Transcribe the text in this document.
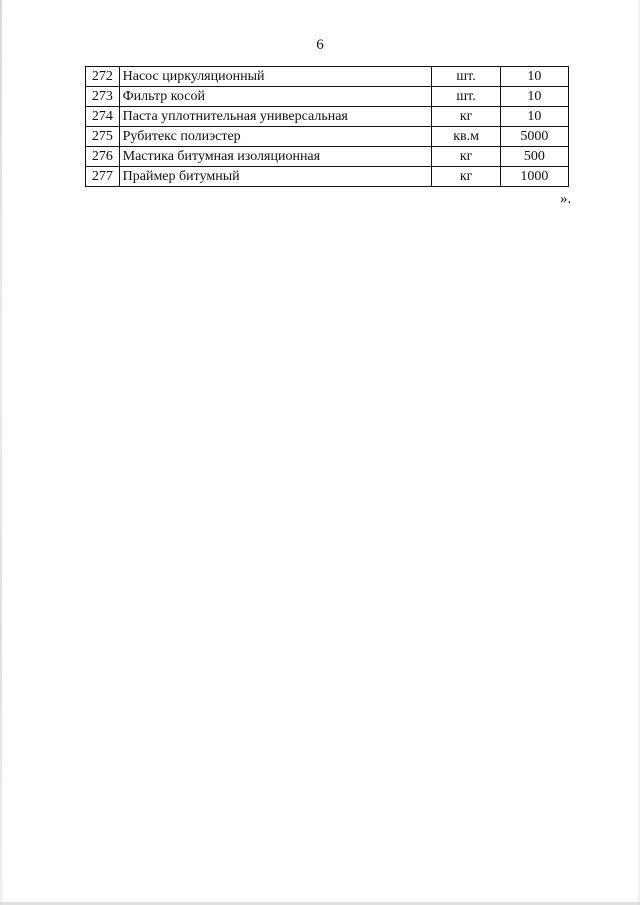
6
272	Насос циркуляционный	шт.	10
273	Фильтр косой	шт.	10
274	Паста уплотнительная универсальная	кг	10
275	Рубитекс полиэстер	кв.м	5000
276	Мастика битумная изоляционная	кг	500
277	Праймер битумный	кг	1000
».
